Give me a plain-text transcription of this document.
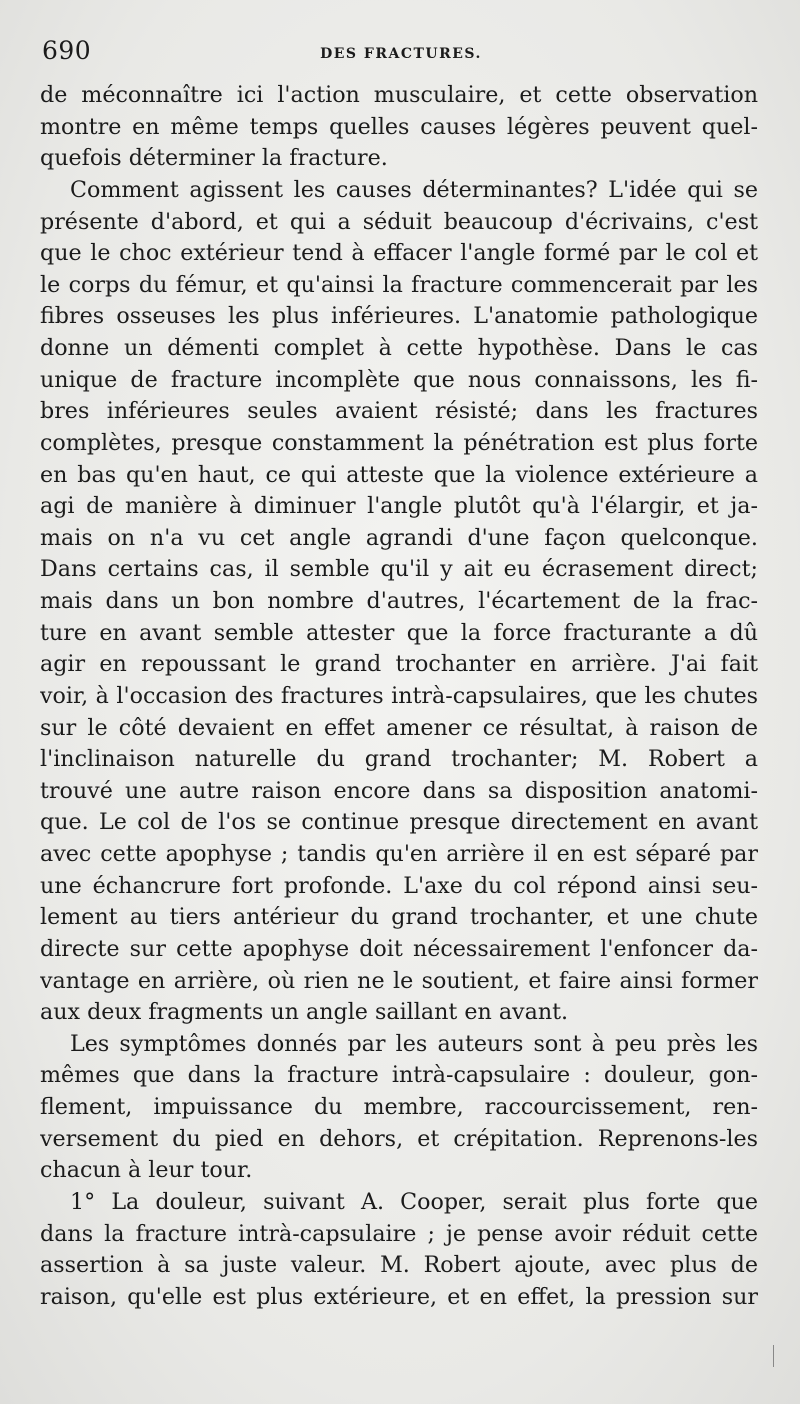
690	DES FRACTURES.
de méconnaître ici l'action musculaire, et cette observation
montre en même temps quelles causes légères peuvent quel-
quefois déterminer la fracture.
Comment agissent les causes déterminantes? L'idée qui se
présente d'abord, et qui a séduit beaucoup d'écrivains, c'est
que le choc extérieur tend à effacer l'angle formé par le col et
le corps du fémur, et qu'ainsi la fracture commencerait par les
fibres osseuses les plus inférieures. L'anatomie pathologique
donne un démenti complet à cette hypothèse. Dans le cas
unique de fracture incomplète que nous connaissons, les fi-
bres inférieures seules avaient résisté; dans les fractures
complètes, presque constamment la pénétration est plus forte
en bas qu'en haut, ce qui atteste que la violence extérieure a
agi de manière à diminuer l'angle plutôt qu'à l'élargir, et ja-
mais on n'a vu cet angle agrandi d'une façon quelconque.
Dans certains cas, il semble qu'il y ait eu écrasement direct;
mais dans un bon nombre d'autres, l'écartement de la frac-
ture en avant semble attester que la force fracturante a dû
agir en repoussant le grand trochanter en arrière. J'ai fait
voir, à l'occasion des fractures intrà-capsulaires, que les chutes
sur le côté devaient en effet amener ce résultat, à raison de
l'inclinaison naturelle du grand trochanter; M. Robert a
trouvé une autre raison encore dans sa disposition anatomi-
que. Le col de l'os se continue presque directement en avant
avec cette apophyse ; tandis qu'en arrière il en est séparé par
une échancrure fort profonde. L'axe du col répond ainsi seu-
lement au tiers antérieur du grand trochanter, et une chute
directe sur cette apophyse doit nécessairement l'enfoncer da-
vantage en arrière, où rien ne le soutient, et faire ainsi former
aux deux fragments un angle saillant en avant.
Les symptômes donnés par les auteurs sont à peu près les
mêmes que dans la fracture intrà-capsulaire : douleur, gon-
flement, impuissance du membre, raccourcissement, ren-
versement du pied en dehors, et crépitation. Reprenons-les
chacun à leur tour.
1° La douleur, suivant A. Cooper, serait plus forte que
dans la fracture intrà-capsulaire ; je pense avoir réduit cette
assertion à sa juste valeur. M. Robert ajoute, avec plus de
raison, qu'elle est plus extérieure, et en effet, la pression sur
